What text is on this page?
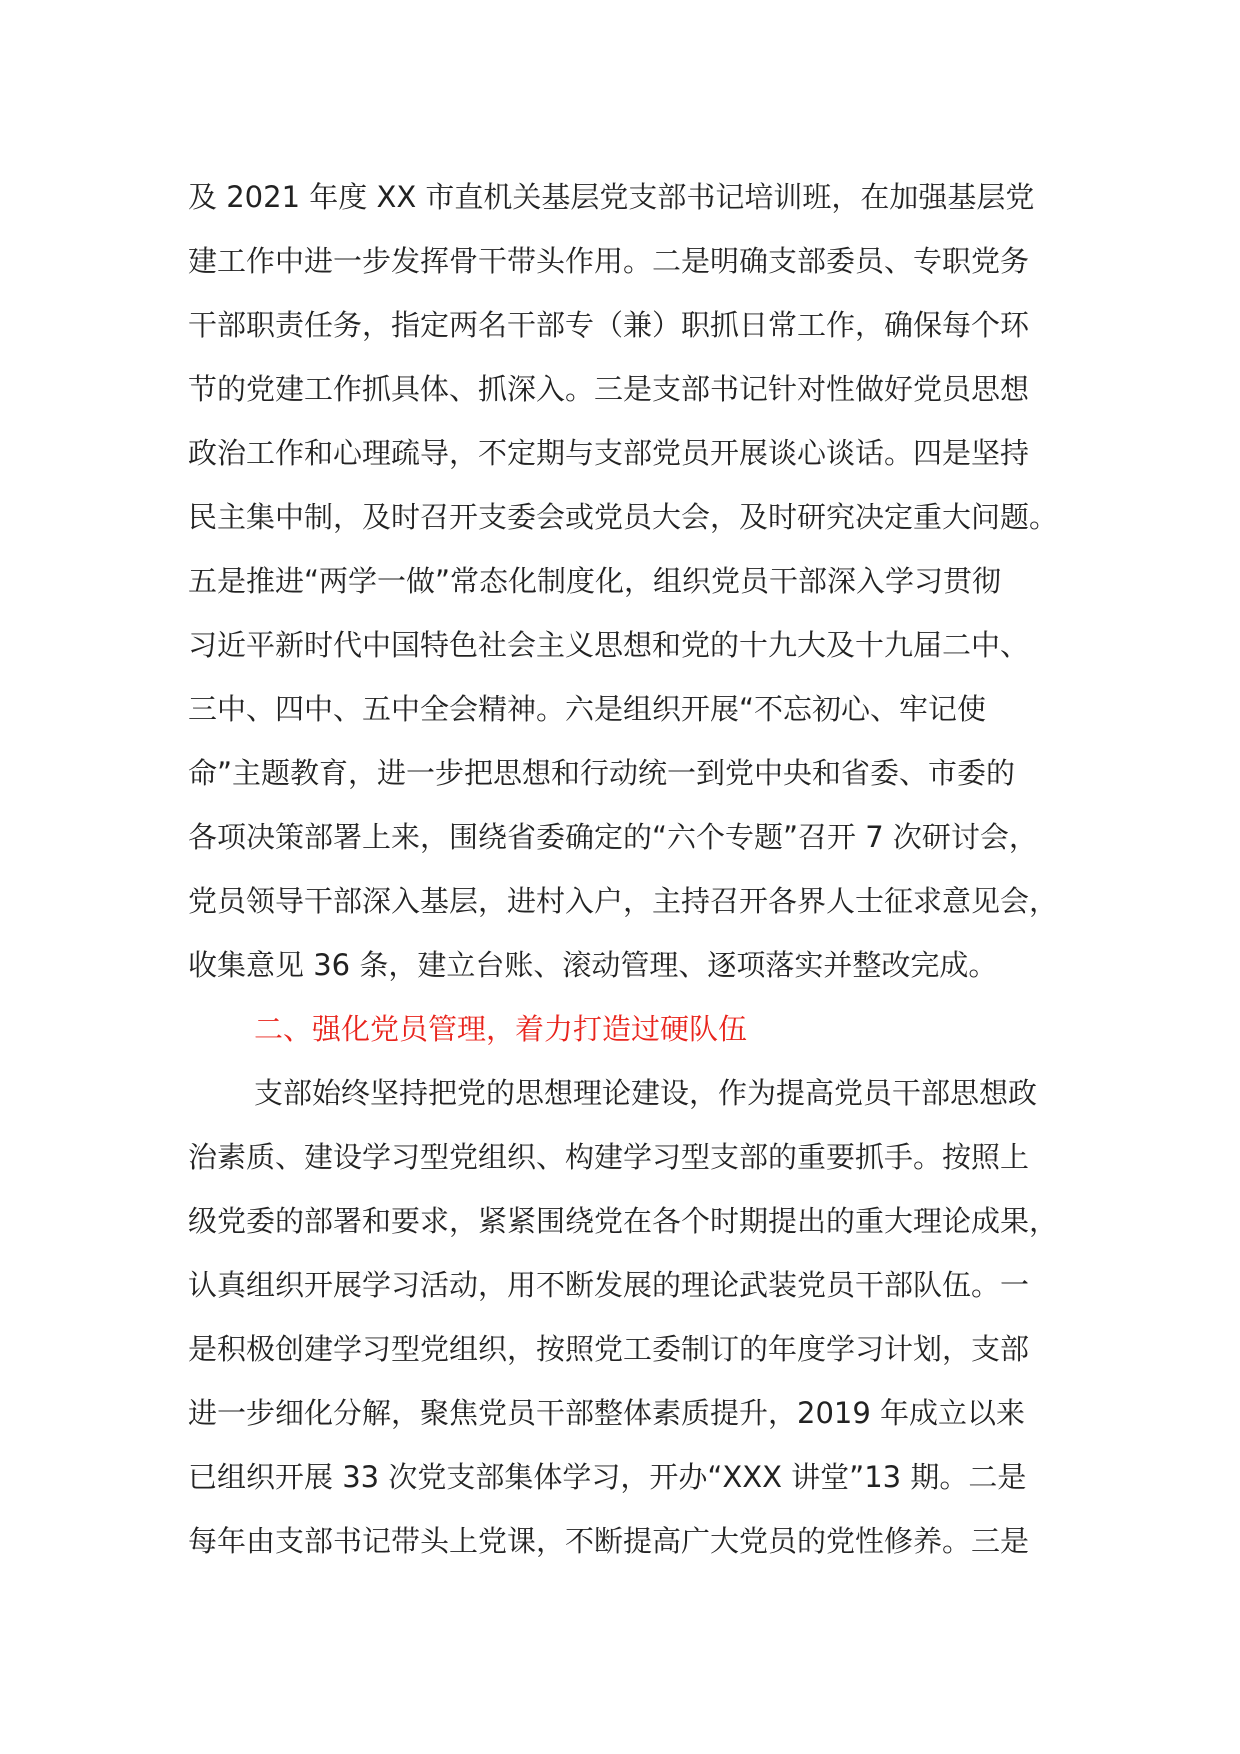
及 2021 年度 XX 市直机关基层党支部书记培训班，在加强基层党
建工作中进一步发挥骨干带头作用。二是明确支部委员、专职党务
干部职责任务，指定两名干部专（兼）职抓日常工作，确保每个环
节的党建工作抓具体、抓深入。三是支部书记针对性做好党员思想
政治工作和心理疏导，不定期与支部党员开展谈心谈话。四是坚持
民主集中制，及时召开支委会或党员大会，及时研究决定重大问题。
五是推进“两学一做”常态化制度化，组织党员干部深入学习贯彻
习近平新时代中国特色社会主义思想和党的十九大及十九届二中、
三中、四中、五中全会精神。六是组织开展“不忘初心、牢记使
命”主题教育，进一步把思想和行动统一到党中央和省委、市委的
各项决策部署上来，围绕省委确定的“六个专题”召开 7 次研讨会，
党员领导干部深入基层，进村入户，主持召开各界人士征求意见会，
收集意见 36 条，建立台账、滚动管理、逐项落实并整改完成。
二、强化党员管理，着力打造过硬队伍
支部始终坚持把党的思想理论建设，作为提高党员干部思想政
治素质、建设学习型党组织、构建学习型支部的重要抓手。按照上
级党委的部署和要求，紧紧围绕党在各个时期提出的重大理论成果，
认真组织开展学习活动，用不断发展的理论武装党员干部队伍。一
是积极创建学习型党组织，按照党工委制订的年度学习计划，支部
进一步细化分解，聚焦党员干部整体素质提升，2019 年成立以来
已组织开展 33 次党支部集体学习，开办“XXX 讲堂”13 期。二是
每年由支部书记带头上党课，不断提高广大党员的党性修养。三是
